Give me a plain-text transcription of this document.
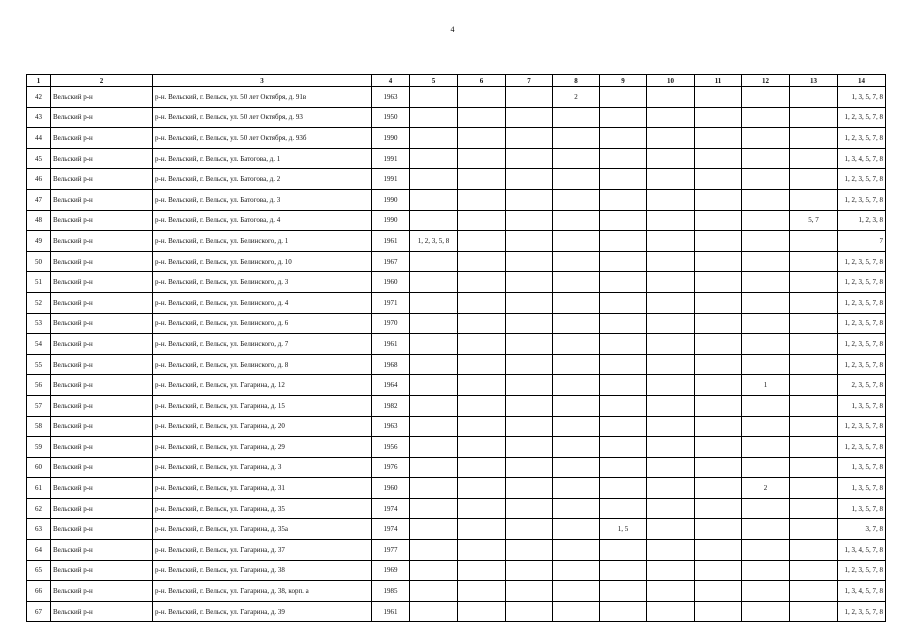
4
1	2	3	4	5	6	7	8	9	10	11	12	13	14
42	Вельский р-н	р-н. Вельский, г. Вельск, ул. 50 лет Октября, д. 91в	1963				2						1, 3, 5, 7, 8
43	Вельский р-н	р-н. Вельский, г. Вельск, ул. 50 лет Октября, д. 93	1950										1, 2, 3, 5, 7, 8
44	Вельский р-н	р-н. Вельский, г. Вельск, ул. 50 лет Октября, д. 93б	1990										1, 2, 3, 5, 7, 8
45	Вельский р-н	р-н. Вельский, г. Вельск, ул. Батогова, д. 1	1991										1, 3, 4, 5, 7, 8
46	Вельский р-н	р-н. Вельский, г. Вельск, ул. Батогова, д. 2	1991										1, 2, 3, 5, 7, 8
47	Вельский р-н	р-н. Вельский, г. Вельск, ул. Батогова, д. 3	1990										1, 2, 3, 5, 7, 8
48	Вельский р-н	р-н. Вельский, г. Вельск, ул. Батогова, д. 4	1990									5, 7	1, 2, 3, 8
49	Вельский р-н	р-н. Вельский, г. Вельск, ул. Белинского, д. 1	1961	1, 2, 3, 5, 8									7
50	Вельский р-н	р-н. Вельский, г. Вельск, ул. Белинского, д. 10	1967										1, 2, 3, 5, 7, 8
51	Вельский р-н	р-н. Вельский, г. Вельск, ул. Белинского, д. 3	1960										1, 2, 3, 5, 7, 8
52	Вельский р-н	р-н. Вельский, г. Вельск, ул. Белинского, д. 4	1971										1, 2, 3, 5, 7, 8
53	Вельский р-н	р-н. Вельский, г. Вельск, ул. Белинского, д. 6	1970										1, 2, 3, 5, 7, 8
54	Вельский р-н	р-н. Вельский, г. Вельск, ул. Белинского, д. 7	1961										1, 2, 3, 5, 7, 8
55	Вельский р-н	р-н. Вельский, г. Вельск, ул. Белинского, д. 8	1968										1, 2, 3, 5, 7, 8
56	Вельский р-н	р-н. Вельский, г. Вельск, ул. Гагарина, д. 12	1964								1		2, 3, 5, 7, 8
57	Вельский р-н	р-н. Вельский, г. Вельск, ул. Гагарина, д. 15	1982										1, 3, 5, 7, 8
58	Вельский р-н	р-н. Вельский, г. Вельск, ул. Гагарина, д. 20	1963										1, 2, 3, 5, 7, 8
59	Вельский р-н	р-н. Вельский, г. Вельск, ул. Гагарина, д. 29	1956										1, 2, 3, 5, 7, 8
60	Вельский р-н	р-н. Вельский, г. Вельск, ул. Гагарина, д. 3	1976										1, 3, 5, 7, 8
61	Вельский р-н	р-н. Вельский, г. Вельск, ул. Гагарина, д. 31	1960								2		1, 3, 5, 7, 8
62	Вельский р-н	р-н. Вельский, г. Вельск, ул. Гагарина, д. 35	1974										1, 3, 5, 7, 8
63	Вельский р-н	р-н. Вельский, г. Вельск, ул. Гагарина, д. 35а	1974					1, 5					3, 7, 8
64	Вельский р-н	р-н. Вельский, г. Вельск, ул. Гагарина, д. 37	1977										1, 3, 4, 5, 7, 8
65	Вельский р-н	р-н. Вельский, г. Вельск, ул. Гагарина, д. 38	1969										1, 2, 3, 5, 7, 8
66	Вельский р-н	р-н. Вельский, г. Вельск, ул. Гагарина, д. 38, корп. а	1985										1, 3, 4, 5, 7, 8
67	Вельский р-н	р-н. Вельский, г. Вельск, ул. Гагарина, д. 39	1961										1, 2, 3, 5, 7, 8
